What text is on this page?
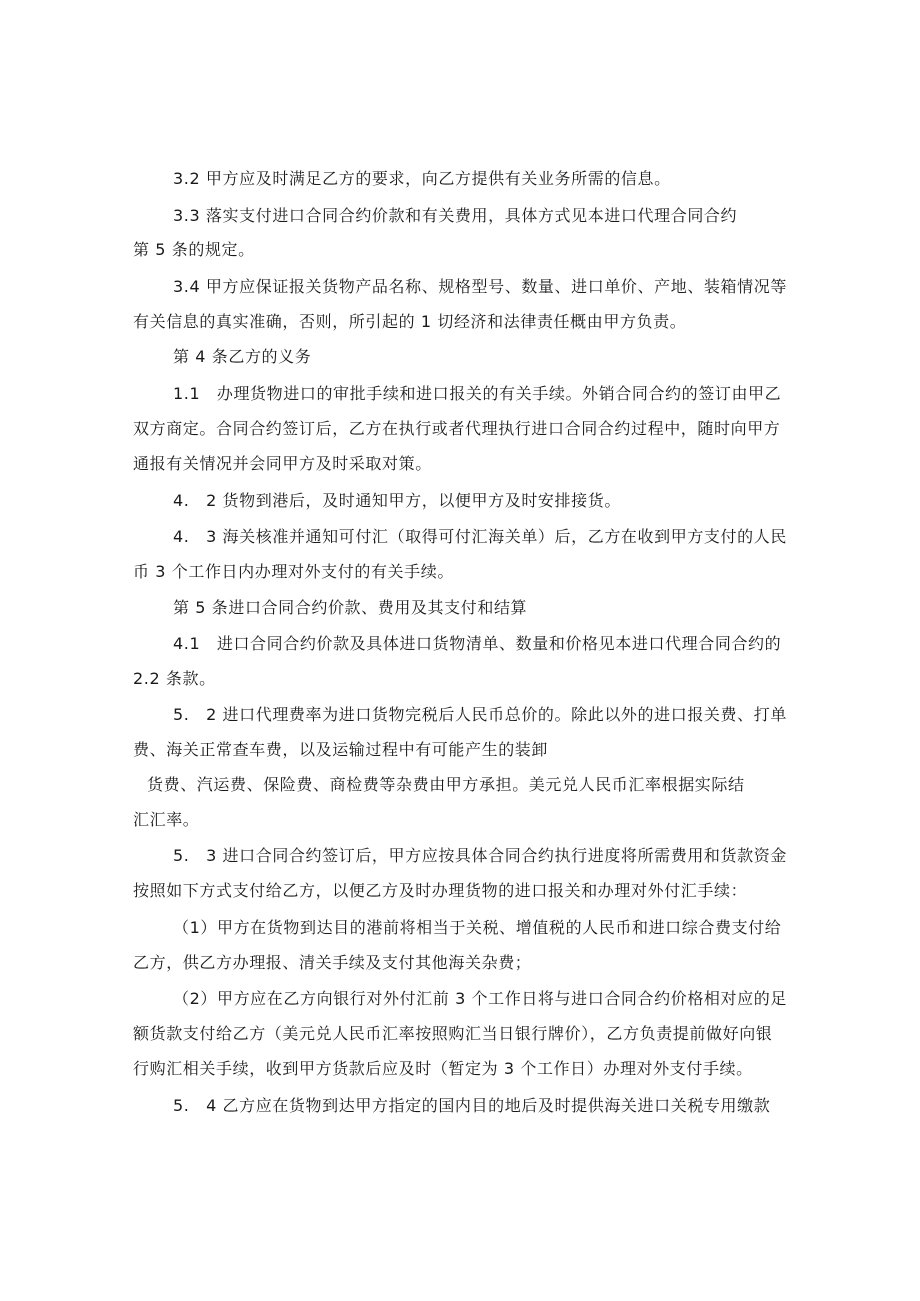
3.2 甲方应及时满足乙方的要求，向乙方提供有关业务所需的信息。
3.3 落实支付进口合同合约价款和有关费用，具体方式见本进口代理合同合约
第 5 条的规定。
3.4 甲方应保证报关货物产品名称、规格型号、数量、进口单价、产地、装箱情况等
有关信息的真实准确，否则，所引起的 1 切经济和法律责任概由甲方负责。
第 4 条乙方的义务
1.1　办理货物进口的审批手续和进口报关的有关手续。外销合同合约的签订由甲乙
双方商定。合同合约签订后，乙方在执行或者代理执行进口合同合约过程中，随时向甲方
通报有关情况并会同甲方及时采取对策。
4.　2 货物到港后，及时通知甲方，以便甲方及时安排接货。
4.　3 海关核准并通知可付汇（取得可付汇海关单）后，乙方在收到甲方支付的人民
币 3 个工作日内办理对外支付的有关手续。
第 5 条进口合同合约价款、费用及其支付和结算
4.1　进口合同合约价款及具体进口货物清单、数量和价格见本进口代理合同合约的
2.2 条款。
5.　2 进口代理费率为进口货物完税后人民币总价的。除此以外的进口报关费、打单
费、海关正常查车费，以及运输过程中有可能产生的装卸
货费、汽运费、保险费、商检费等杂费由甲方承担。美元兑人民币汇率根据实际结
汇汇率。
5.　3 进口合同合约签订后，甲方应按具体合同合约执行进度将所需费用和货款资金
按照如下方式支付给乙方，以便乙方及时办理货物的进口报关和办理对外付汇手续：
（1）甲方在货物到达目的港前将相当于关税、增值税的人民币和进口综合费支付给
乙方，供乙方办理报、清关手续及支付其他海关杂费；
（2）甲方应在乙方向银行对外付汇前 3 个工作日将与进口合同合约价格相对应的足
额货款支付给乙方（美元兑人民币汇率按照购汇当日银行牌价），乙方负责提前做好向银
行购汇相关手续，收到甲方货款后应及时（暂定为 3 个工作日）办理对外支付手续。
5.　4 乙方应在货物到达甲方指定的国内目的地后及时提供海关进口关税专用缴款
